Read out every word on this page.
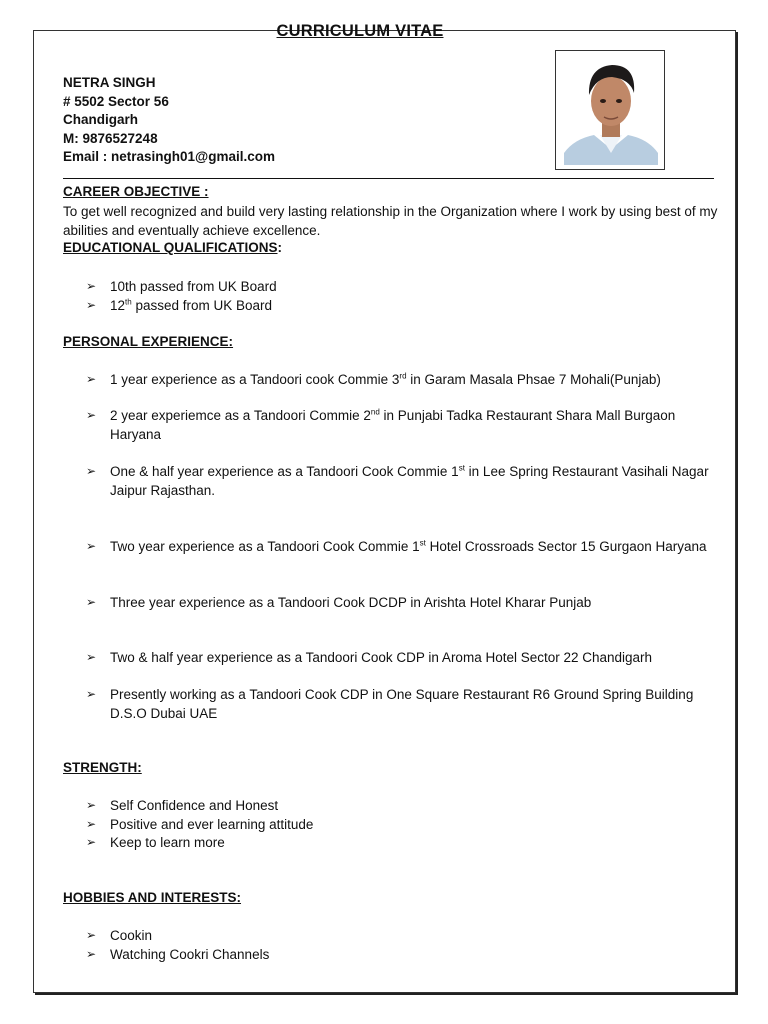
CURRICULUM VITAE
NETRA SINGH
# 5502 Sector 56
Chandigarh
M: 9876527248
Email : netrasingh01@gmail.com
CAREER OBJECTIVE :
To get well recognized and build very lasting relationship in the Organization where I work by using best of my abilities and eventually achieve excellence.
EDUCATIONAL QUALIFICATIONS:
➢ 10th passed from UK Board
➢ 12th passed from UK Board
PERSONAL EXPERIENCE:
➢ 1 year experience as a Tandoori cook Commie 3rd in Garam Masala Phsae 7 Mohali(Punjab)
➢ 2 year experiemce as a Tandoori Commie 2nd in Punjabi Tadka Restaurant Shara Mall Burgaon Haryana
➢ One & half year experience as a Tandoori Cook Commie 1st in Lee Spring Restaurant Vasihali Nagar Jaipur Rajasthan.
➢ Two year experience as a Tandoori Cook Commie 1st Hotel Crossroads Sector 15 Gurgaon Haryana
➢ Three year experience as a Tandoori Cook DCDP in Arishta Hotel Kharar Punjab
➢ Two & half year experience as a Tandoori Cook CDP in Aroma Hotel Sector 22 Chandigarh
➢ Presently working as a Tandoori Cook CDP in One Square Restaurant R6 Ground Spring Building D.S.O Dubai UAE
STRENGTH:
➢ Self Confidence and Honest
➢ Positive and ever learning attitude
➢ Keep to learn more
HOBBIES AND INTERESTS:
➢ Cookin
➢ Watching Cookri Channels
